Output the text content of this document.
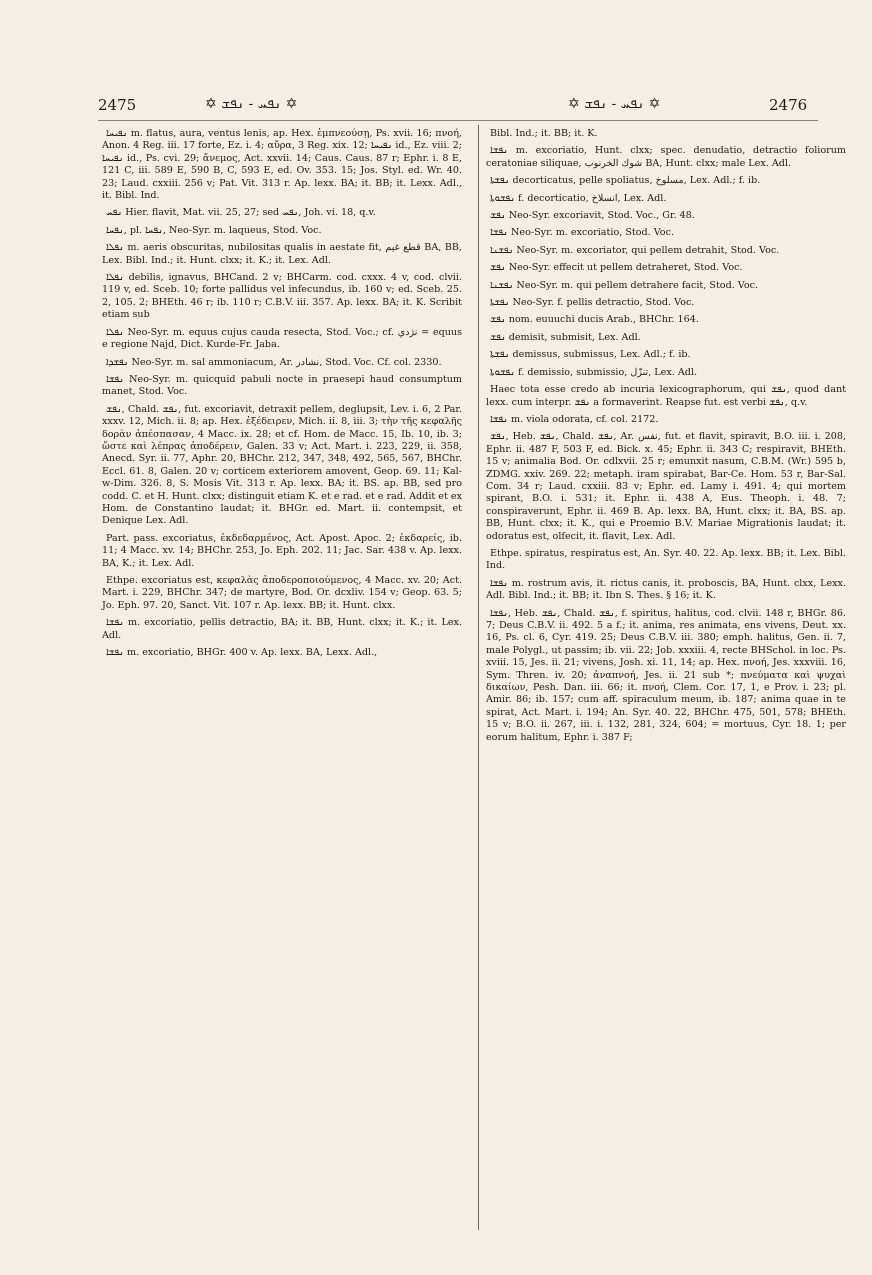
2475	✡ ܢܦܚ - ܢܦܫ ✡	✡ ܢܦܚ - ܢܦܫ ✡	2476

ܢܦܝܚܐ m. flatus, aura, ventus lenis, ap. Hex. ἐμπνεούσῃ, Ps. xvii. 16; πνοή, Anon. 4 Reg. iii. 17 forte, Ez. i. 4; αὔρα, 3 Reg. xix. 12; ܢܦܝܚܐ id., Ez. viii. 2; ܢܦܝܚܐ id., Ps. cvi. 29; ἄνεμος, Act. xxvii. 14; Caus. Caus. 87 r; Ephr. i. 8 E, 121 C, iii. 589 E, 590 B, C, 593 E, ed. Ov. 353. 15; Jos. Styl. ed. Wr. 40. 23; Laud. cxxiii. 256 v; Pat. Vit. 313 r. Ap. lexx. BA; it. BB; it. Lexx. Adl., it. Bibl. Ind.

ܢܦܚ Hier. flavit, Mat. vii. 25, 27; sed ܢܦܚ, Joh. vi. 18, q.v.

ܢܦܚܐ, pl. ܢܦܚܐ, Neo-Syr. m. laqueus, Stod. Voc.

ܢܦܠܐ m. aeris obscuritas, nubilositas qualis in aestate fit, قطع غيم BA, BB, Lex. Bibl. Ind.; it. Hunt. clxx; it. K.; it. Lex. Adl.

ܢܦܠܐ debilis, ignavus, BHCand. 2 v; BHCarm. cod. cxxx. 4 v, cod. clvii. 119 v, ed. Sceb. 10; forte pallidus vel infecundus, ib. 160 v; ed. Sceb. 25. 2, 105. 2; BHEth. 46 r; ib. 110 r; C.B.V. iii. 357. Ap. lexx. BA; it. K. Scribit etiam sub

ܢܦܠܐ Neo-Syr. m. equus cujus cauda resecta, Stod. Voc.; cf. نژدي = equus e regione Najd, Dict. Kurde-Fr. Jaba.

ܢܦܫܕܐ Neo-Syr. m. sal ammoniacum, Ar. نشادر, Stod. Voc. Cf. col. 2330.

ܢܦܫܐ Neo-Syr. m. quicquid pabuli nocte in praesepi haud consumptum manet, Stod. Voc.

ܢܦܫ, Chald. ܢܦܫ, fut. excoriavit, detraxit pellem, deglupsit, Lev. i. 6, 2 Par. xxxv. 12, Mich. ii. 8; ap. Hex. ἐξέδειρεν, Mich. ii. 8, iii. 3; τὴν τῆς κεφαλῆς δορὰν ἀπέσπασαν, 4 Macc. ix. 28; et cf. Hom. de Macc. 15, Ib. 10, ib. 3; ὥστε καὶ λέπρας ἀποδέρειν, Galen. 33 v; Act. Mart. i. 223, 229, ii. 358, Anecd. Syr. ii. 77, Aphr. 20, BHChr. 212, 347, 348, 492, 565, 567, BHChr. Eccl. 61. 8, Galen. 20 v; corticem exteriorem amovent, Geop. 69. 11; Kal-w-Dim. 326. 8, S. Mosis Vit. 313 r. Ap. lexx. BA; it. BS. ap. BB, sed pro codd. C. et H. Hunt. clxx; distinguit etiam K. et e rad. et e rad. Addit et ex Hom. de Constantino laudat; it. BHGr. ed. Mart. ii. contempsit, et Denique Lex. Adl.

Part. pass. excoriatus, ἐκδεδαρμένος, Act. Apost. Apoc. 2; ἐκδαρείς, ib. 11; 4 Macc. xv. 14; BHChr. 253, Jo. Eph. 202. 11; Jac. Sar. 438 v. Ap. lexx. BA, K.; it. Lex. Adl.

Ethpe. excoriatus est, κεφαλὰς ἀποδεροποιούμενος, 4 Macc. xv. 20; Act. Mart. i. 229, BHChr. 347; de martyre, Bod. Or. dcxliv. 154 v; Geop. 63. 5; Jo. Eph. 97. 20, Sanct. Vit. 107 r. Ap. lexx. BB; it. Hunt. clxx.

ܢܦܫܐ m. excoriatio, pellis detractio, BA; it. BB, Hunt. clxx; it. K.; it. Lex. Adl.

ܢܦܫܐ m. excoriatio, BHGr. 400 v. Ap. lexx. BA, Lexx. Adl.,

Bibl. Ind.; it. BB; it. K.

ܢܦܫܐ m. excoriatio, Hunt. clxx; spec. denudatio, detractio foliorum ceratoniae siliquae, شوك الخرنوب BA, Hunt. clxx; male Lex. Adl.

ܢܦܫܬܐ decorticatus, pelle spoliatus, مسلوخ, Lex. Adl.; f. ib.

ܢܦܫܘܬܐ f. decorticatio, انسلاخ, Lex. Adl.

ܢܦܫ Neo-Syr. excoriavit, Stod. Voc., Gr. 48.

ܢܦܫܐ Neo-Syr. m. excoriatio, Stod. Voc.

ܢܦܫܢܐ Neo-Syr. m. excoriator, qui pellem detrahit, Stod. Voc.

ܢܦܫ Neo-Syr. effecit ut pellem detraheret, Stod. Voc.

ܢܦܫܢܐ Neo-Syr. m. qui pellem detrahere facit, Stod. Voc.

ܢܦܫܬܐ Neo-Syr. f. pellis detractio, Stod. Voc.

ܢܦܫ nom. euuuchi ducis Arab., BHChr. 164.

ܢܦܫ demisit, submisit, Lex. Adl.

ܢܦܫܬܐ demissus, submissus, Lex. Adl.; f. ib.

ܢܦܫܘܬܐ f. demissio, submissio, تنزّل, Lex. Adl.

Haec tota esse credo ab incuria lexicographorum, qui ܢܦܫ, quod dant lexx. cum interpr. ܢܦܫ a formaverint. Reapse fut. est verbi ܢܦܫ, q.v.

ܢܦܫܐ m. viola odorata, cf. col. 2172.

ܢܦܫ, Heb. ܢܦܫ, Chald. ܢܦܫ, Ar. نفس, fut. et flavit, spiravit, B.O. iii. i. 208, Ephr. ii. 487 F, 503 F, ed. Bick. x. 45; Ephr. ii. 343 C; respiravit, BHEth. 15 v; animalia Bod. Or. cdlxvii. 25 r; emunxit nasum, C.B.M. (Wr.) 595 b, ZDMG. xxiv. 269. 22; metaph. iram spirabat, Bar-Ce. Hom. 53 r, Bar-Sal. Com. 34 r; Laud. cxxiii. 83 v; Ephr. ed. Lamy i. 491. 4; qui mortem spirant, B.O. i. 531; it. Ephr. ii. 438 A, Eus. Theoph. i. 48. 7; conspiraverunt, Ephr. ii. 469 B. Ap. lexx. BA, Hunt. clxx; it. BA, BS. ap. BB, Hunt. clxx; it. K., qui e Proemio B.V. Mariae Migrationis laudat; it. odoratus est, olfecit, it. flavit, Lex. Adl.

Ethpe. spiratus, respiratus est, An. Syr. 40. 22. Ap. lexx. BB; it. Lex. Bibl. Ind.

ܢܦܫܐ m. rostrum avis, it. rictus canis, it. proboscis, BA, Hunt. clxx, Lexx. Adl. Bibl. Ind.; it. BB; it. Ibn S. Thes. § 16; it. K.

ܢܦܫܐ, Heb. ܢܦܫ, Chald. ܢܦܫ, f. spiritus, halitus, cod. clvii. 148 r, BHGr. 86. 7; Deus C.B.V. ii. 492. 5 a f.; it. anima, res animata, ens vivens, Deut. xx. 16, Ps. cl. 6, Cyr. 419. 25; Deus C.B.V. iii. 380; emph. halitus, Gen. ii. 7, male Polygl., ut passim; ib. vii. 22; Job. xxxiii. 4, recte BHSchol. in loc. Ps. xviii. 15, Jes. ii. 21; vivens, Josh. xi. 11, 14; ap. Hex. πνοή, Jes. xxxviii. 16, Sym. Thren. iv. 20; ἀναπνοή, Jes. ii. 21 sub *; πνεύματα καὶ ψυχαὶ δικαίων, Pesh. Dan. iii. 66; it. πνοή, Clem. Cor. 17, 1, e Prov. i. 23; pl. Amir. 86; ib. 157; cum aff. spiraculum meum, ib. 187; anima quae in te spirat, Act. Mart. i. 194; An. Syr. 40. 22, BHChr. 475, 501, 578; BHEth. 15 v; B.O. ii. 267, iii. i. 132, 281, 324, 604; = mortuus, Cyr. 18. 1; per eorum halitum, Ephr. i. 387 F;
